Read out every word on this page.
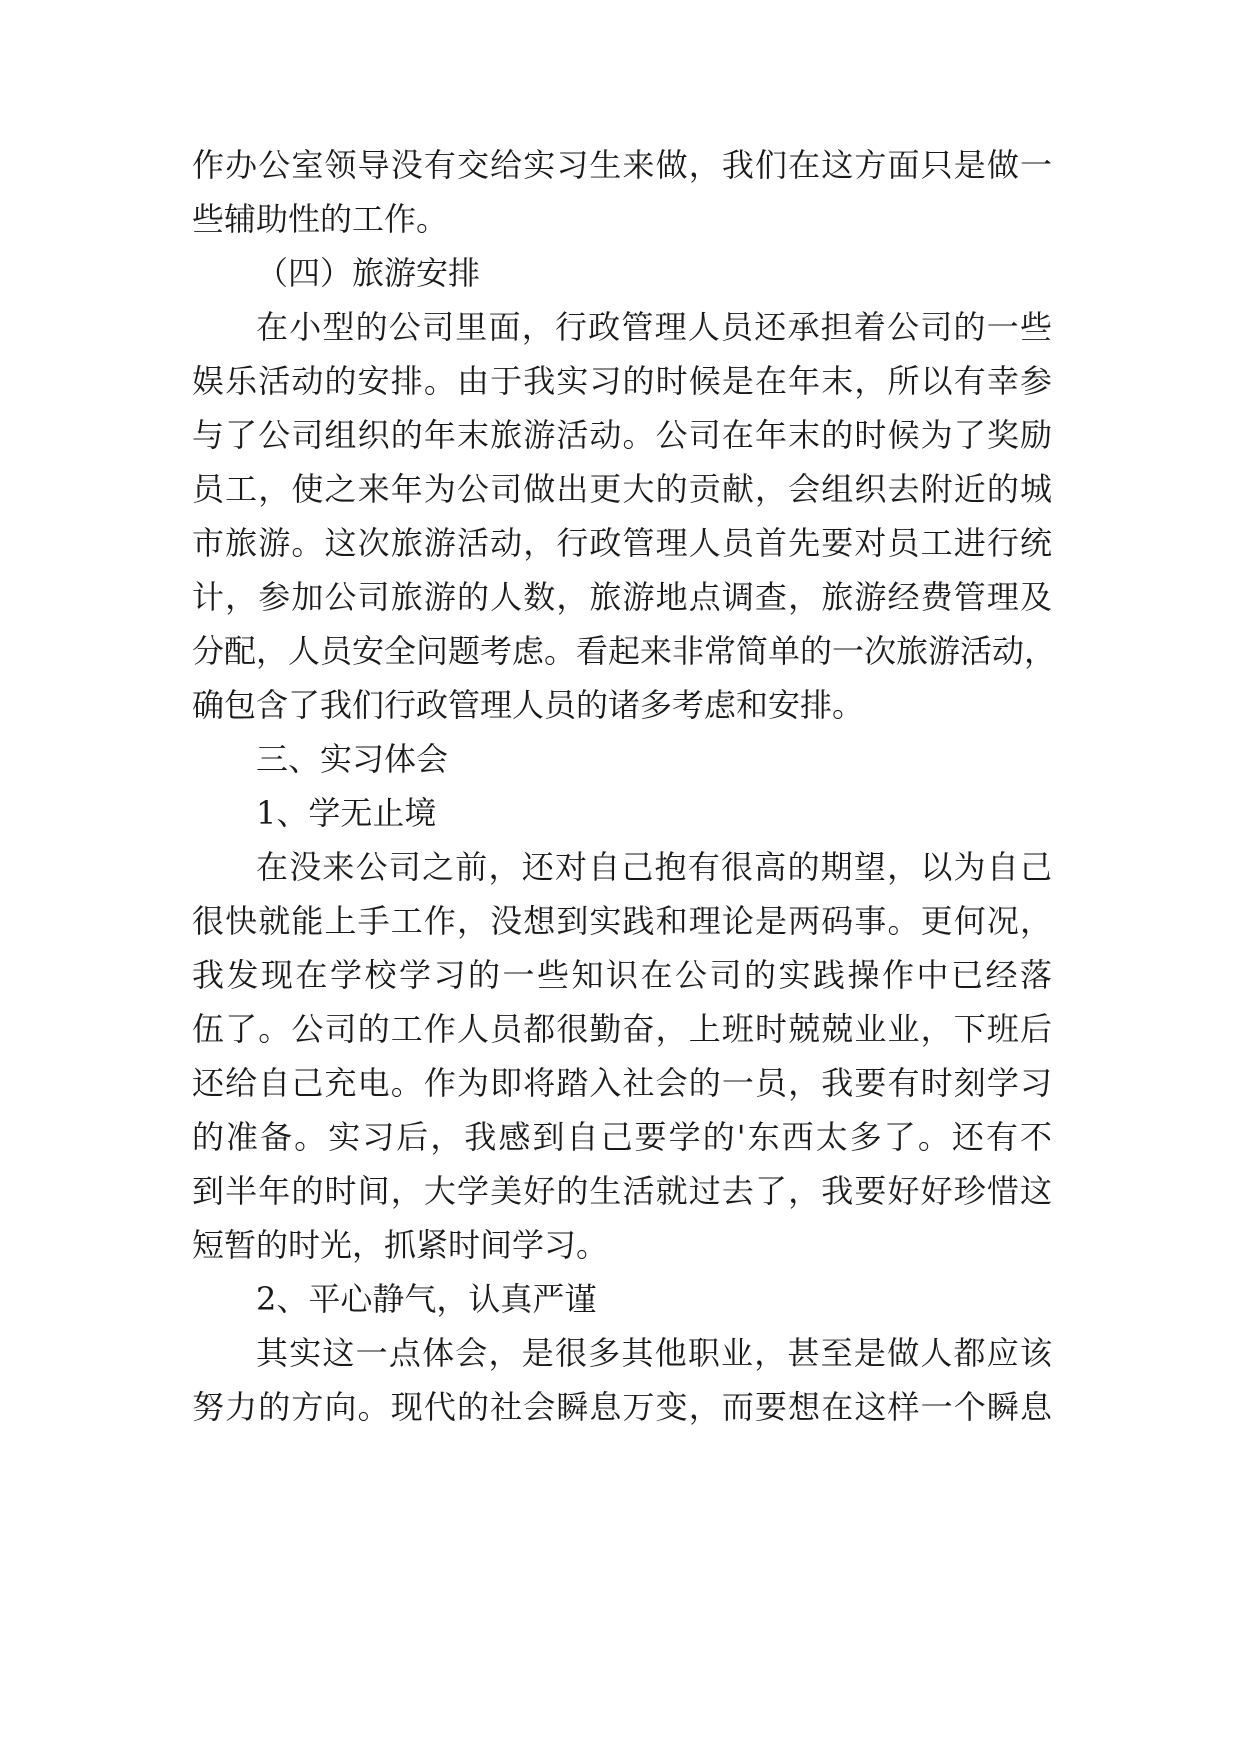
作办公室领导没有交给实习生来做，我们在这方面只是做一
些辅助性的工作。
（四）旅游安排
在小型的公司里面，行政管理人员还承担着公司的一些
娱乐活动的安排。由于我实习的时候是在年末，所以有幸参
与了公司组织的年末旅游活动。公司在年末的时候为了奖励
员工，使之来年为公司做出更大的贡献，会组织去附近的城
市旅游。这次旅游活动，行政管理人员首先要对员工进行统
计，参加公司旅游的人数，旅游地点调查，旅游经费管理及
分配，人员安全问题考虑。看起来非常简单的一次旅游活动，
确包含了我们行政管理人员的诸多考虑和安排。
三、实习体会
1、学无止境
在没来公司之前，还对自己抱有很高的期望，以为自己
很快就能上手工作，没想到实践和理论是两码事。更何况，
我发现在学校学习的一些知识在公司的实践操作中已经落
伍了。公司的工作人员都很勤奋，上班时兢兢业业，下班后
还给自己充电。作为即将踏入社会的一员，我要有时刻学习
的准备。实习后，我感到自己要学的'东西太多了。还有不
到半年的时间，大学美好的生活就过去了，我要好好珍惜这
短暂的时光，抓紧时间学习。
2、平心静气，认真严谨
其实这一点体会，是很多其他职业，甚至是做人都应该
努力的方向。现代的社会瞬息万变，而要想在这样一个瞬息
